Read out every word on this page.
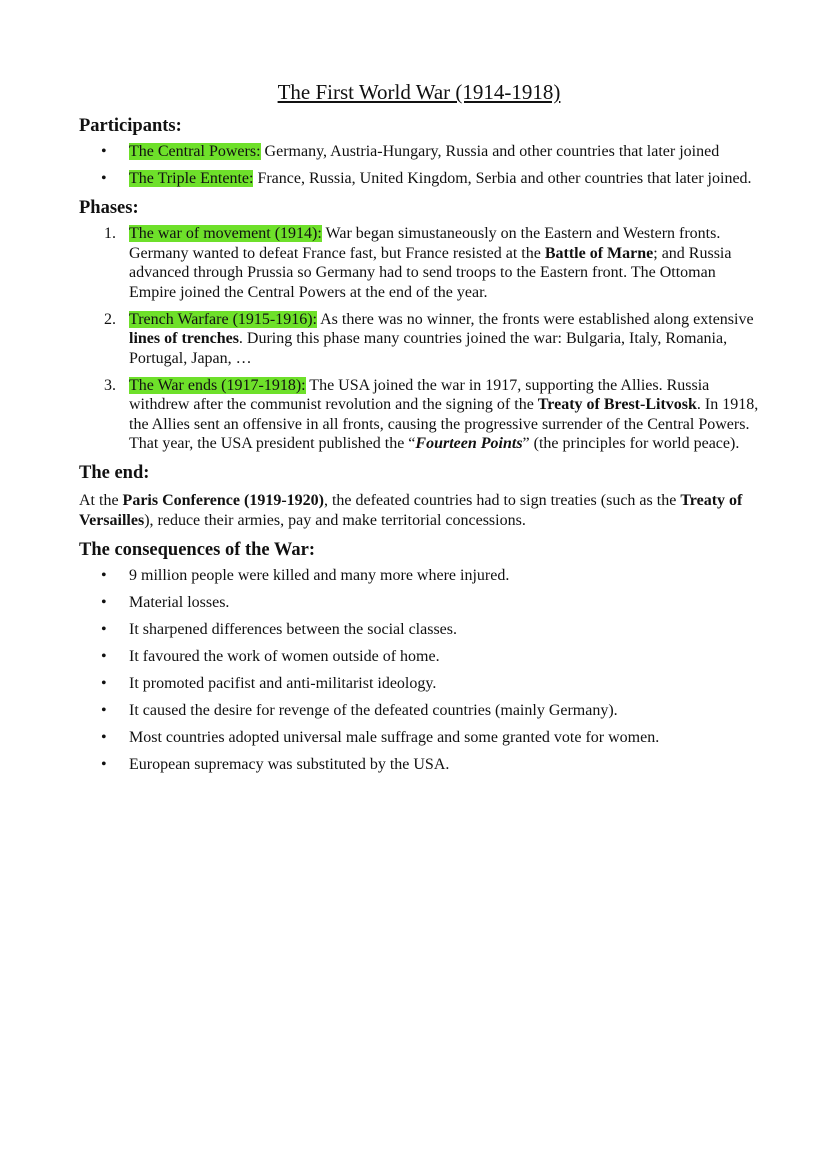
The First World War (1914-1918)
Participants:
• The Central Powers: Germany, Austria-Hungary, Russia and other countries that later joined
• The Triple Entente: France, Russia, United Kingdom, Serbia and other countries that later joined.
Phases:
1. The war of movement (1914): War began simustaneously on the Eastern and Western fronts. Germany wanted to defeat France fast, but France resisted at the Battle of Marne; and Russia advanced through Prussia so Germany had to send troops to the Eastern front. The Ottoman Empire joined the Central Powers at the end of the year.
2. Trench Warfare (1915-1916): As there was no winner, the fronts were established along extensive lines of trenches. During this phase many countries joined the war: Bulgaria, Italy, Romania, Portugal, Japan, …
3. The War ends (1917-1918): The USA joined the war in 1917, supporting the Allies. Russia withdrew after the communist revolution and the signing of the Treaty of Brest-Litvosk. In 1918, the Allies sent an offensive in all fronts, causing the progressive surrender of the Central Powers. That year, the USA president published the “Fourteen Points” (the principles for world peace).
The end:

At the Paris Conference (1919-1920), the defeated countries had to sign treaties (such as the Treaty of Versailles), reduce their armies, pay and make territorial concessions.

The consequences of the War:
• 9 million people were killed and many more where injured.
• Material losses.
• It sharpened differences between the social classes.
• It favoured the work of women outside of home.
• It promoted pacifist and anti-militarist ideology.
• It caused the desire for revenge of the defeated countries (mainly Germany).
• Most countries adopted universal male suffrage and some granted vote for women.
• European supremacy was substituted by the USA.
